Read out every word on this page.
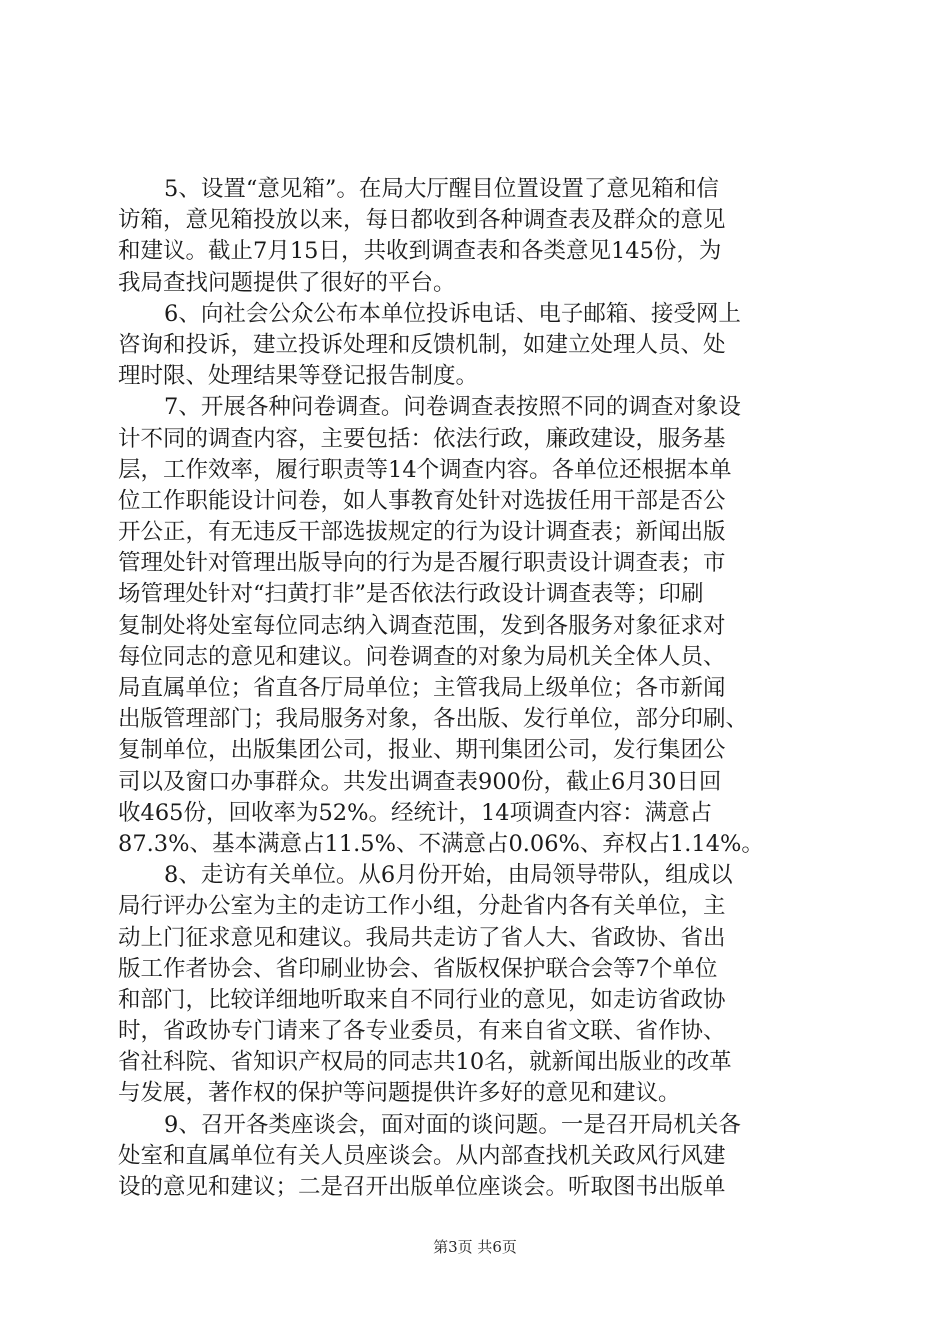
5、设置“意见箱”。在局大厅醒目位置设置了意见箱和信
访箱，意见箱投放以来，每日都收到各种调查表及群众的意见
和建议。截止7月15日，共收到调查表和各类意见145份，为
我局查找问题提供了很好的平台。
6、向社会公众公布本单位投诉电话、电子邮箱、接受网上
咨询和投诉，建立投诉处理和反馈机制，如建立处理人员、处
理时限、处理结果等登记报告制度。
7、开展各种问卷调查。问卷调查表按照不同的调查对象设
计不同的调查内容，主要包括：依法行政，廉政建设，服务基
层，工作效率，履行职责等14个调查内容。各单位还根据本单
位工作职能设计问卷，如人事教育处针对选拔任用干部是否公
开公正，有无违反干部选拔规定的行为设计调查表；新闻出版
管理处针对管理出版导向的行为是否履行职责设计调查表；市
场管理处针对“扫黄打非”是否依法行政设计调查表等；印刷
复制处将处室每位同志纳入调查范围，发到各服务对象征求对
每位同志的意见和建议。问卷调查的对象为局机关全体人员、
局直属单位；省直各厅局单位；主管我局上级单位；各市新闻
出版管理部门；我局服务对象，各出版、发行单位，部分印刷、
复制单位，出版集团公司，报业、期刊集团公司，发行集团公
司以及窗口办事群众。共发出调查表900份，截止6月30日回
收465份，回收率为52%。经统计，14项调查内容：满意占
87.3%、基本满意占11.5%、不满意占0.06%、弃权占1.14%。
8、走访有关单位。从6月份开始，由局领导带队，组成以
局行评办公室为主的走访工作小组，分赴省内各有关单位，主
动上门征求意见和建议。我局共走访了省人大、省政协、省出
版工作者协会、省印刷业协会、省版权保护联合会等7个单位
和部门，比较详细地听取来自不同行业的意见，如走访省政协
时，省政协专门请来了各专业委员，有来自省文联、省作协、
省社科院、省知识产权局的同志共10名，就新闻出版业的改革
与发展，著作权的保护等问题提供许多好的意见和建议。
9、召开各类座谈会，面对面的谈问题。一是召开局机关各
处室和直属单位有关人员座谈会。从内部查找机关政风行风建
设的意见和建议；二是召开出版单位座谈会。听取图书出版单
第3页 共6页
